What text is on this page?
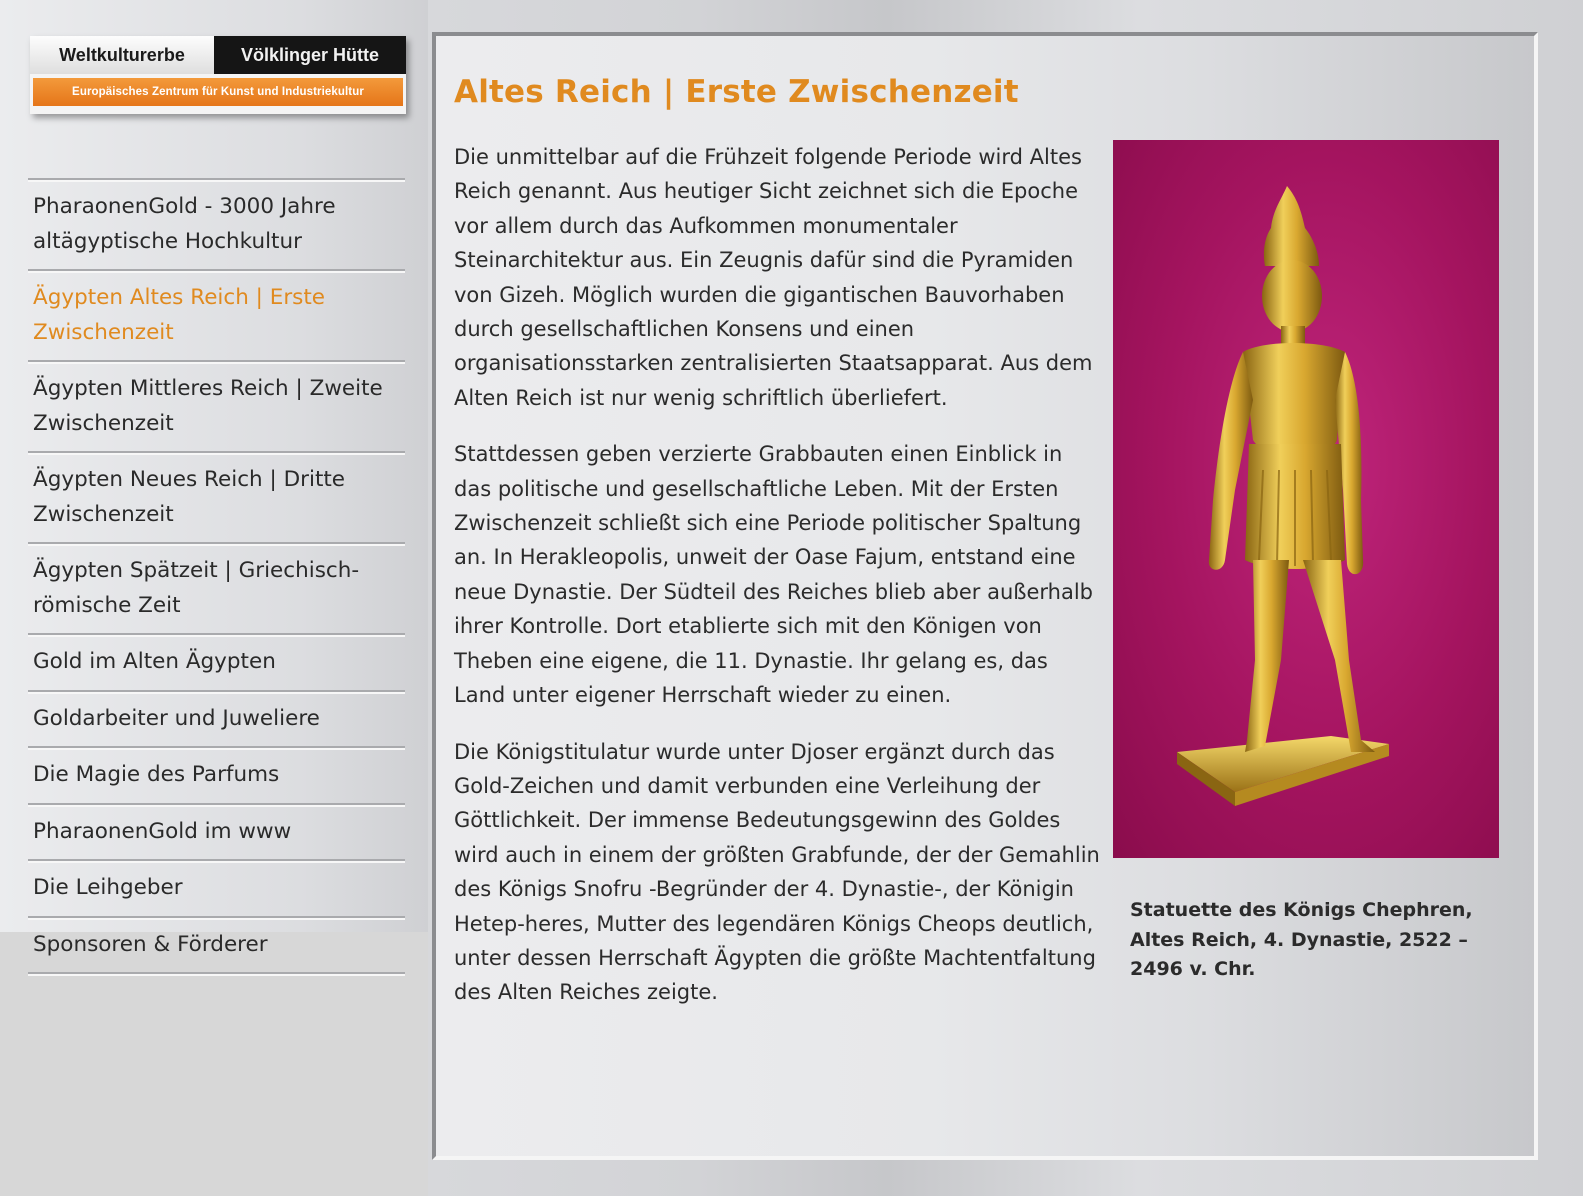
Weltkulturerbe	Völklinger Hütte
Europäisches Zentrum für Kunst und Industriekultur
PharaonenGold - 3000 Jahre altägyptische Hochkultur
Ägypten Altes Reich | Erste Zwischenzeit
Ägypten Mittleres Reich | Zweite Zwischenzeit
Ägypten Neues Reich | Dritte Zwischenzeit
Ägypten Spätzeit | Griechisch-römische Zeit
Gold im Alten Ägypten
Goldarbeiter und Juweliere
Die Magie des Parfums
PharaonenGold im www
Die Leihgeber
Sponsoren & Förderer
Altes Reich | Erste Zwischenzeit

Die unmittelbar auf die Frühzeit folgende Periode wird Altes Reich genannt. Aus heutiger Sicht zeichnet sich die Epoche vor allem durch das Aufkommen monumentaler Steinarchitektur aus. Ein Zeugnis dafür sind die Pyramiden von Gizeh. Möglich wurden die gigantischen Bauvorhaben durch gesellschaftlichen Konsens und einen organisationsstarken zentralisierten Staatsapparat. Aus dem Alten Reich ist nur wenig schriftlich überliefert.

Stattdessen geben verzierte Grabbauten einen Einblick in das politische und gesellschaftliche Leben. Mit der Ersten Zwischenzeit schließt sich eine Periode politischer Spaltung an. In Herakleopolis, unweit der Oase Fajum, entstand eine neue Dynastie. Der Südteil des Reiches blieb aber außerhalb ihrer Kontrolle. Dort etablierte sich mit den Königen von Theben eine eigene, die 11. Dynastie. Ihr gelang es, das Land unter eigener Herrschaft wieder zu einen.

Die Königstitulatur wurde unter Djoser ergänzt durch das Gold-Zeichen und damit verbunden eine Verleihung der Göttlichkeit. Der immense Bedeutungsgewinn des Goldes wird auch in einem der größten Grabfunde, der der Gemahlin des Königs Snofru -Begründer der 4. Dynastie-, der Königin Hetep-heres, Mutter des legendären Königs Cheops deutlich, unter dessen Herrschaft Ägypten die größte Machtentfaltung des Alten Reiches zeigte.

Statuette des Königs Chephren, Altes Reich, 4. Dynastie, 2522 – 2496 v. Chr.
